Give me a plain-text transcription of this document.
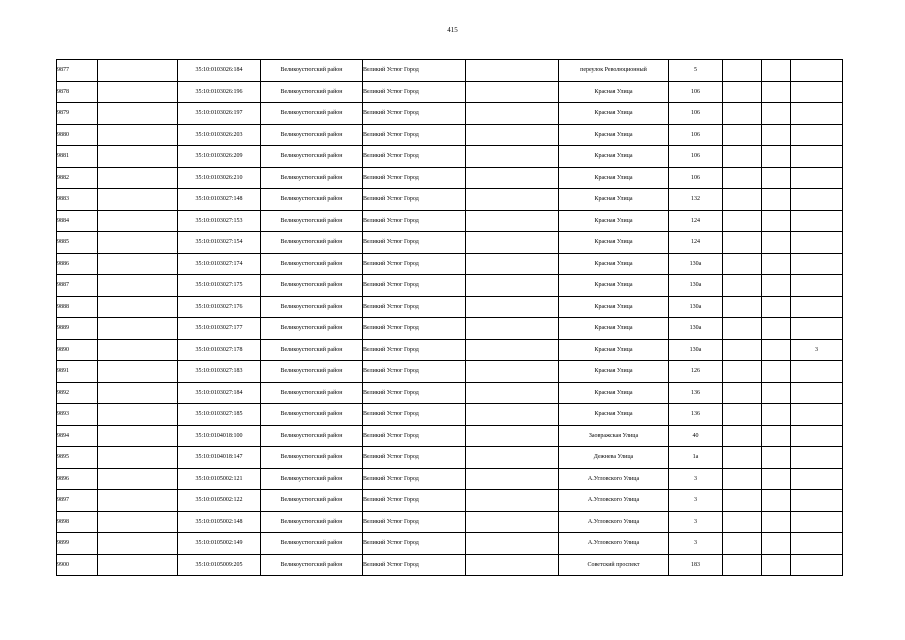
415
9877		35:10:0103026:184	Великоустюгский район	Великий Устюг Город		переулок Революционный	5			
9878		35:10:0103026:196	Великоустюгский район	Великий Устюг Город		Красная Улица	106			
9879		35:10:0103026:197	Великоустюгский район	Великий Устюг Город		Красная Улица	106			
9880		35:10:0103026:203	Великоустюгский район	Великий Устюг Город		Красная Улица	106			
9881		35:10:0103026:209	Великоустюгский район	Великий Устюг Город		Красная Улица	106			
9882		35:10:0103026:210	Великоустюгский район	Великий Устюг Город		Красная Улица	106			
9883		35:10:0103027:148	Великоустюгский район	Великий Устюг Город		Красная Улица	132			
9884		35:10:0103027:153	Великоустюгский район	Великий Устюг Город		Красная Улица	124			
9885		35:10:0103027:154	Великоустюгский район	Великий Устюг Город		Красная Улица	124			
9886		35:10:0103027:174	Великоустюгский район	Великий Устюг Город		Красная Улица	130а			
9887		35:10:0103027:175	Великоустюгский район	Великий Устюг Город		Красная Улица	130а			
9888		35:10:0103027:176	Великоустюгский район	Великий Устюг Город		Красная Улица	130а			
9889		35:10:0103027:177	Великоустюгский район	Великий Устюг Город		Красная Улица	130а			
9890		35:10:0103027:178	Великоустюгский район	Великий Устюг Город		Красная Улица	130а			3
9891		35:10:0103027:183	Великоустюгский район	Великий Устюг Город		Красная Улица	126			
9892		35:10:0103027:184	Великоустюгский район	Великий Устюг Город		Красная Улица	136			
9893		35:10:0103027:185	Великоустюгский район	Великий Устюг Город		Красная Улица	136			
9894		35:10:0104018:100	Великоустюгский район	Великий Устюг Город		Заовражская Улица	40			
9895		35:10:0104018:147	Великоустюгский район	Великий Устюг Город		Дежнева Улица	1а			
9896		35:10:0105002:121	Великоустюгский район	Великий Устюг Город		А.Угловского Улица	3			
9897		35:10:0105002:122	Великоустюгский район	Великий Устюг Город		А.Угловского Улица	3			
9898		35:10:0105002:148	Великоустюгский район	Великий Устюг Город		А.Угловского Улица	3			
9899		35:10:0105002:149	Великоустюгский район	Великий Устюг Город		А.Угловского Улица	3			
9900		35:10:0105009:205	Великоустюгский район	Великий Устюг Город		Советский проспект	183			
